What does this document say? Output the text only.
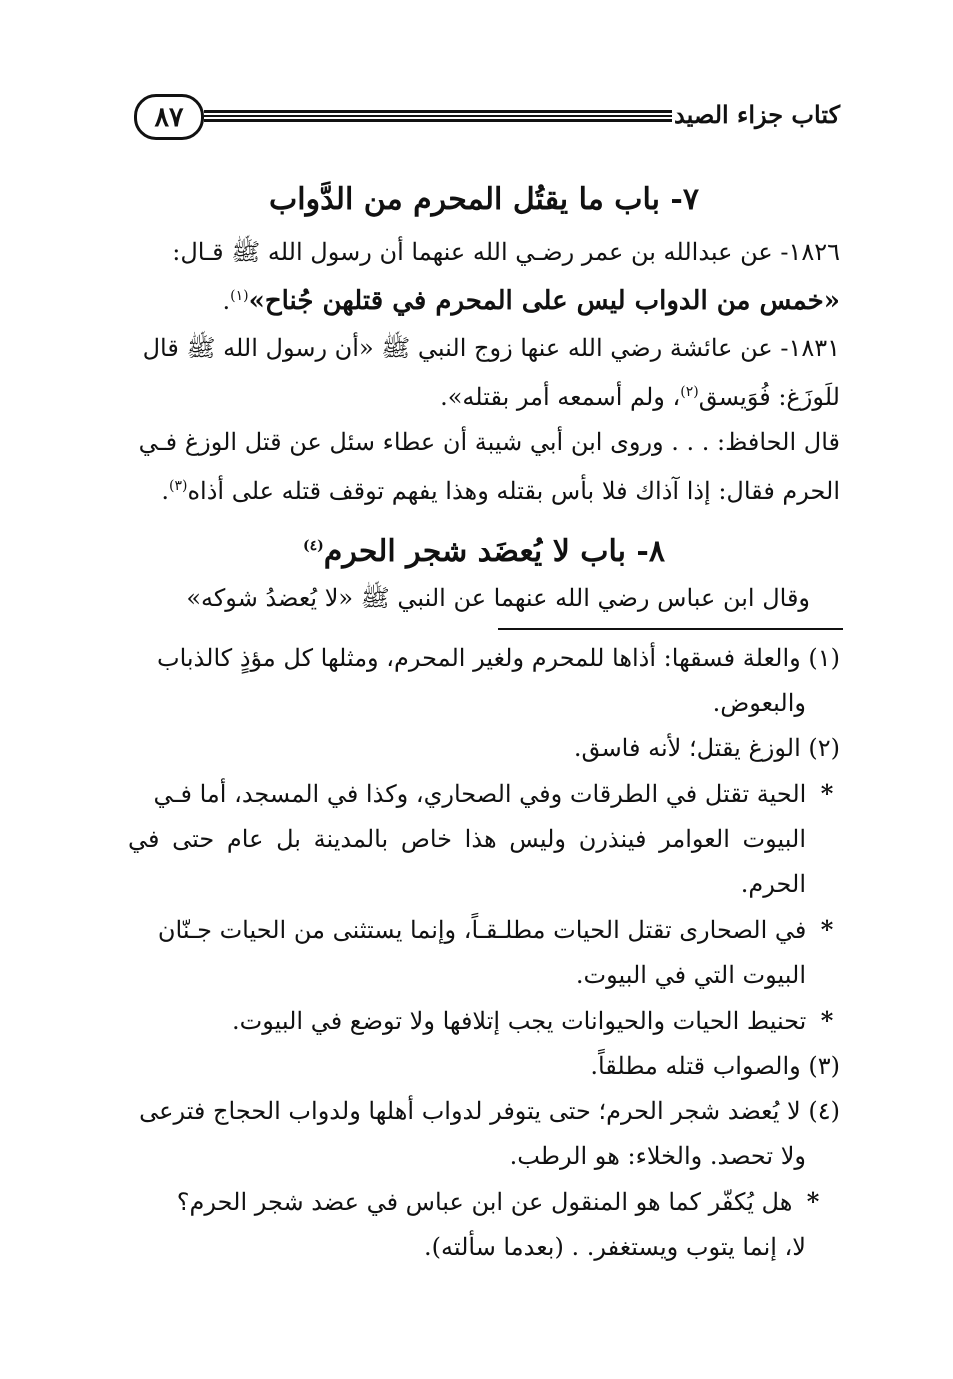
٨٧	كتاب جزاء الصيد

٧- باب ما يقتُل المحرم من الدَّواب

١٨٢٦- عن عبدالله بن عمر رضـي الله عنهما أن رسول الله ﷺ قـال:

«خمس من الدواب ليس على المحرم في قتلهن جُناح»$^{(١)}$.

١٨٣١- عن عائشة رضي الله عنها زوج النبي ﷺ «أن رسول الله ﷺ قال

للَوزَغ: فُوَيسق$^{(٢)}$، ولم أسمعه أمر بقتله».

قال الحافظ: . . . وروى ابن أبي شيبة أن عطاء سئل عن قتل الوزغ فـي

الحرم فقال: إذا آذاك فلا بأس بقتله وهذا يفهم توقف قتله على أذاه$^{(٣)}$.

٨- باب لا يُعضَد شجر الحرم$^{(٤)}$

وقال ابن عباس رضي الله عنهما عن النبي ﷺ «لا يُعضدُ شوكه»

(١) والعلة فسقها: أذاها للمحرم ولغير المحرم، ومثلها كل مؤذٍ كالذباب

والبعوض.

(٢) الوزغ يقتل؛ لأنه فاسق.

* الحية تقتل في الطرقات وفي الصحاري، وكذا في المسجد، أما فـي

البيوت العوامر فينذرن وليس هذا خاص بالمدينة بل عام حتى في الحرم.

* في الصحارى تقتل الحيات مطلـقـاً، وإنما يستثنى من الحيات جـنّان

البيوت التي في البيوت.

* تحنيط الحيات والحيوانات يجب إتلافها ولا توضع في البيوت.

(٣) والصواب قتله مطلقاً.

(٤) لا يُعضد شجر الحرم؛ حتى يتوفر لدواب أهلها ولدواب الحجاج فترعى

ولا تحصد. والخلاء: هو الرطب.

* هل يُكفّر كما هو المنقول عن ابن عباس في عضد شجر الحرم؟

لا، إنما يتوب ويستغفر. . (بعدما سألته).
